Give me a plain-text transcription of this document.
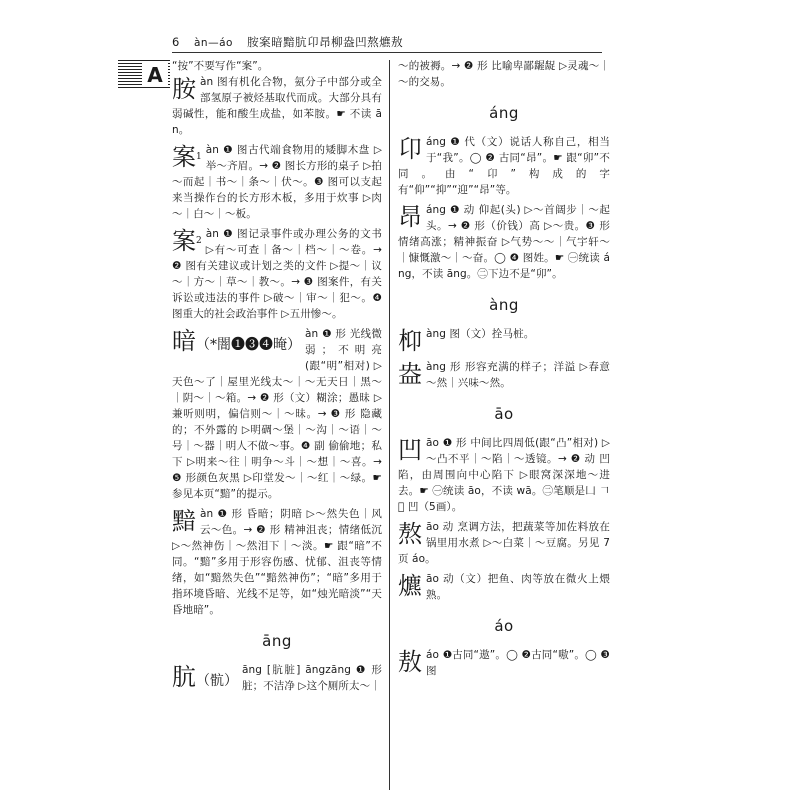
6 àn—áo 胺案暗黯肮卬昂柳盎凹熬爊敖
A “按”不要写作“案”。
胺 àn 图有机化合物，氨分子中部分或全部氢原子被烃基取代而成。大部分具有弱碱性，能和酸生成盐，如苯胺。☛ 不读 ān。
案$^1$
àn ❶ 图古代端食物用的矮脚木盘 ▷举～齐眉。→ ❷ 图长方形的桌子 ▷拍～而起｜书～｜条～｜伏～。❸ 图可以支起来当操作台的长方形木板，多用于炊事 ▷肉～｜白～｜～板。
案$^2$
àn ❶ 图记录事件或办理公务的文书 ▷有～可查｜备～｜档～｜～卷。→ ❷ 图有关建议或计划之类的文件 ▷提～｜议～｜方～｜草～｜教～。→ ❸ 图案件，有关诉讼或违法的事件 ▷破～｜审～｜犯～。❹ 图重大的社会政治事件 ▷五卅惨～。
暗（*闇❶❸❹晻）
àn ❶ 形 光线微弱；不明亮(跟“明”相对) ▷天色～了｜屋里光线太～｜～无天日｜黑～｜阴～｜～箱。→ ❷ 形（文）糊涂；愚昧 ▷兼听则明，偏信则～｜～昧。→ ❸ 形 隐藏的；不外露的 ▷明碉～堡｜～沟｜～语｜～号｜～器｜明人不做～事。❹ 副 偷偷地；私下 ▷明来～往｜明争～斗｜～想｜～喜。→ ❺ 形颜色灰黑 ▷印堂发～｜～红｜～绿。☛ 参见本页“黯”的提示。
黯 àn ❶ 形 昏暗；阴暗 ▷～然失色｜风云～色。→ ❷ 形 精神沮丧；情绪低沉 ▷～然神伤｜～然泪下｜～淡。☛ 跟“暗”不同。“黯”多用于形容伤感、忧郁、沮丧等情绪，如“黯然失色”“黯然神伤”；“暗”多用于指环境昏暗、光线不足等，如“烛光暗淡”“天昏地暗”。
āng
肮（骯）
āng [肮脏] āngzāng ❶ 形 脏；不洁净 ▷这个厕所太～｜
～的被褥。→ ❷ 形 比喻卑鄙龌龊 ▷灵魂～｜～的交易。
áng
卬 áng ❶ 代（文）说话人称自己，相当于“我”。◯ ❷ 古同“昂”。☛ 跟“卯”不同。由“卬”构成的字有“仰”“抑”“迎”“昂”等。
昂 áng ❶ 动 仰起(头) ▷～首阔步｜～起头。→ ❷ 形（价钱）高 ▷～贵。❸ 形 情绪高涨；精神振奋 ▷气势～～｜气宇轩～｜慷慨激～｜～奋。◯ ❹ 图姓。☛ ㊀统读 áng，不读 āng。㊁下边不是“卯”。
àng
枊 àng 图（文）拴马桩。
盎 àng 形 形容充满的样子；洋溢 ▷春意～然｜兴味～然。
āo
凹 āo ❶ 形 中间比四周低(跟“凸”相对) ▷～凸不平｜～陷｜～透镜。→ ❷ 动 凹陷，由周围向中心陷下 ▷眼窝深深地～进去。☛ ㊀统读 āo，不读 wā。㊁笔顺是凵 𠃍 𠃎 凹（5画）。
熬 āo 动 烹调方法，把蔬菜等加佐料放在锅里用水煮 ▷～白菜｜～豆腐。另见 7 页 áo。
爊 āo 动（文）把鱼、肉等放在微火上煨熟。
áo
敖 áo ❶古同“遨”。◯ ❷古同“嗷”。◯ ❸ 图
